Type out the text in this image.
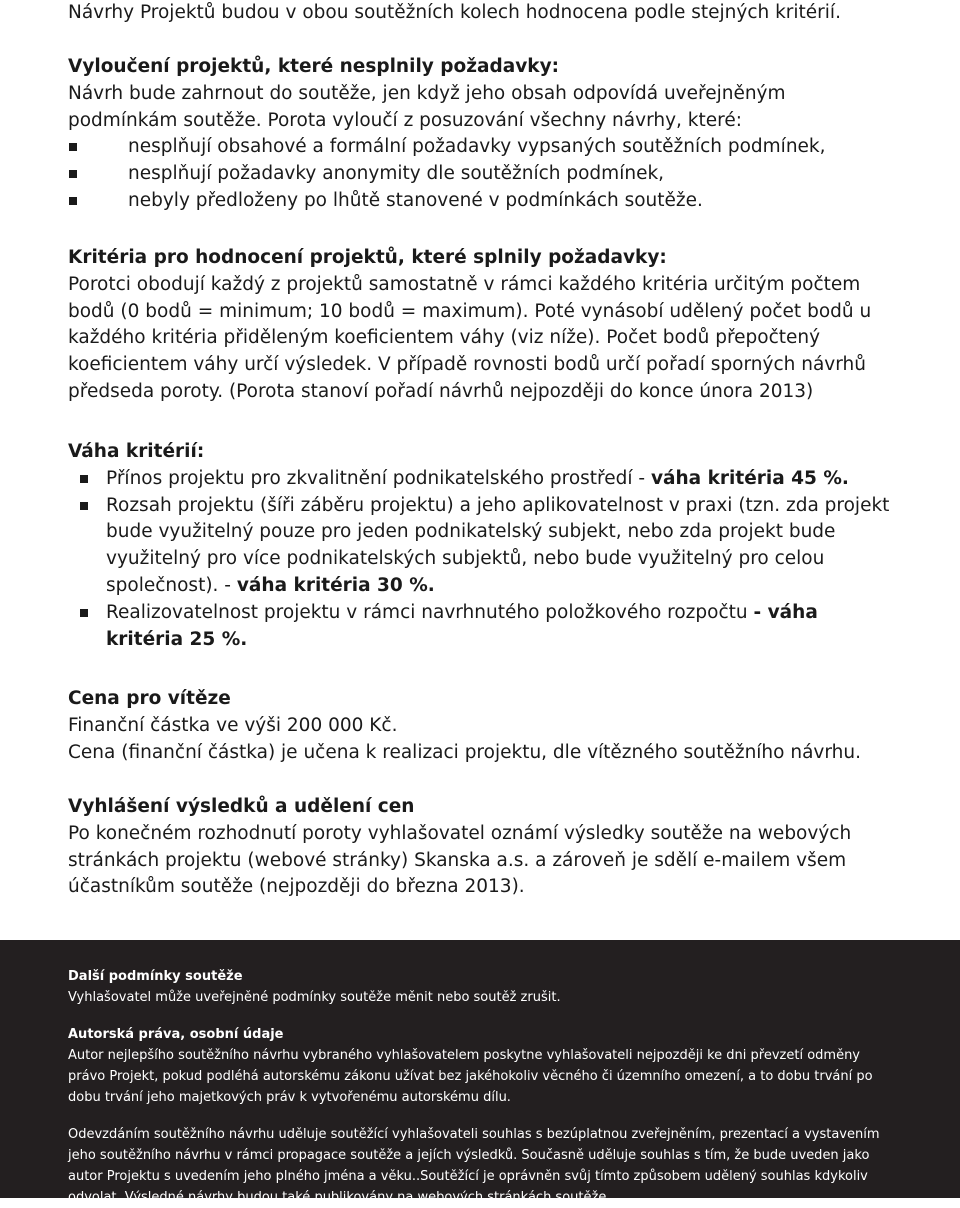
Návrhy Projektů budou v obou soutěžních kolech hodnocena podle stejných kritérií.

Vyloučení projektů, které nesplnily požadavky:

Návrh bude zahrnout do soutěže, jen když jeho obsah odpovídá uveřejněným podmínkám soutěže. Porota vyloučí z posuzování všechny návrhy, které:

nesplňují obsahové a formální požadavky vypsaných soutěžních podmínek,
nesplňují požadavky anonymity dle soutěžních podmínek,
nebyly předloženy po lhůtě stanovené v podmínkách soutěže.

Kritéria pro hodnocení projektů, které splnily požadavky:

Porotci obodují každý z projektů samostatně v rámci každého kritéria určitým počtem bodů (0 bodů = minimum; 10 bodů = maximum). Poté vynásobí udělený počet bodů u každého kritéria přiděleným koeficientem váhy (viz níže). Počet bodů přepočtený koeficientem váhy určí výsledek. V případě rovnosti bodů určí pořadí sporných návrhů předseda poroty. (Porota stanoví pořadí návrhů nejpozději do konce února 2013)

Váha kritérií:

Přínos projektu pro zkvalitnění podnikatelského prostředí - váha kritéria 45 %.
Rozsah projektu (šíři záběru projektu) a jeho aplikovatelnost v praxi (tzn. zda projekt bude využitelný pouze pro jeden podnikatelský subjekt, nebo zda projekt bude využitelný pro více podnikatelských subjektů, nebo bude využitelný pro celou společnost). - váha kritéria 30 %.
Realizovatelnost projektu v rámci navrhnutého položkového rozpočtu - váha kritéria 25 %.

Cena pro vítěze

Finanční částka ve výši 200 000 Kč.

Cena (finanční částka) je učena k realizaci projektu, dle vítězného soutěžního návrhu.

Vyhlášení výsledků a udělení cen

Po konečném rozhodnutí poroty vyhlašovatel oznámí výsledky soutěže na webových stránkách projektu (webové stránky) Skanska a.s. a zároveň je sdělí e-mailem všem účastníkům soutěže (nejpozději do března 2013).

Další podmínky soutěže

Vyhlašovatel může uveřejněné podmínky soutěže měnit nebo soutěž zrušit.

Autorská práva, osobní údaje

Autor nejlepšího soutěžního návrhu vybraného vyhlašovatelem poskytne vyhlašovateli nejpozději ke dni převzetí odměny právo Projekt, pokud podléhá autorskému zákonu užívat bez jakéhokoliv věcného či územního omezení, a to dobu trvání po dobu trvání jeho majetkových práv k vytvořenému autorskému dílu.

Odevzdáním soutěžního návrhu uděluje soutěžící vyhlašovateli souhlas s bezúplatnou zveřejněním, prezentací a vystavením jeho soutěžního návrhu v rámci propagace soutěže a jejích výsledků. Současně uděluje souhlas s tím, že bude uveden jako autor Projektu s uvedením jeho plného jména a věku..Soutěžící je oprávněn svůj tímto způsobem udělený souhlas kdykoliv odvolat. Výsledné návrhy budou také publikovány na webových stránkách soutěže.
